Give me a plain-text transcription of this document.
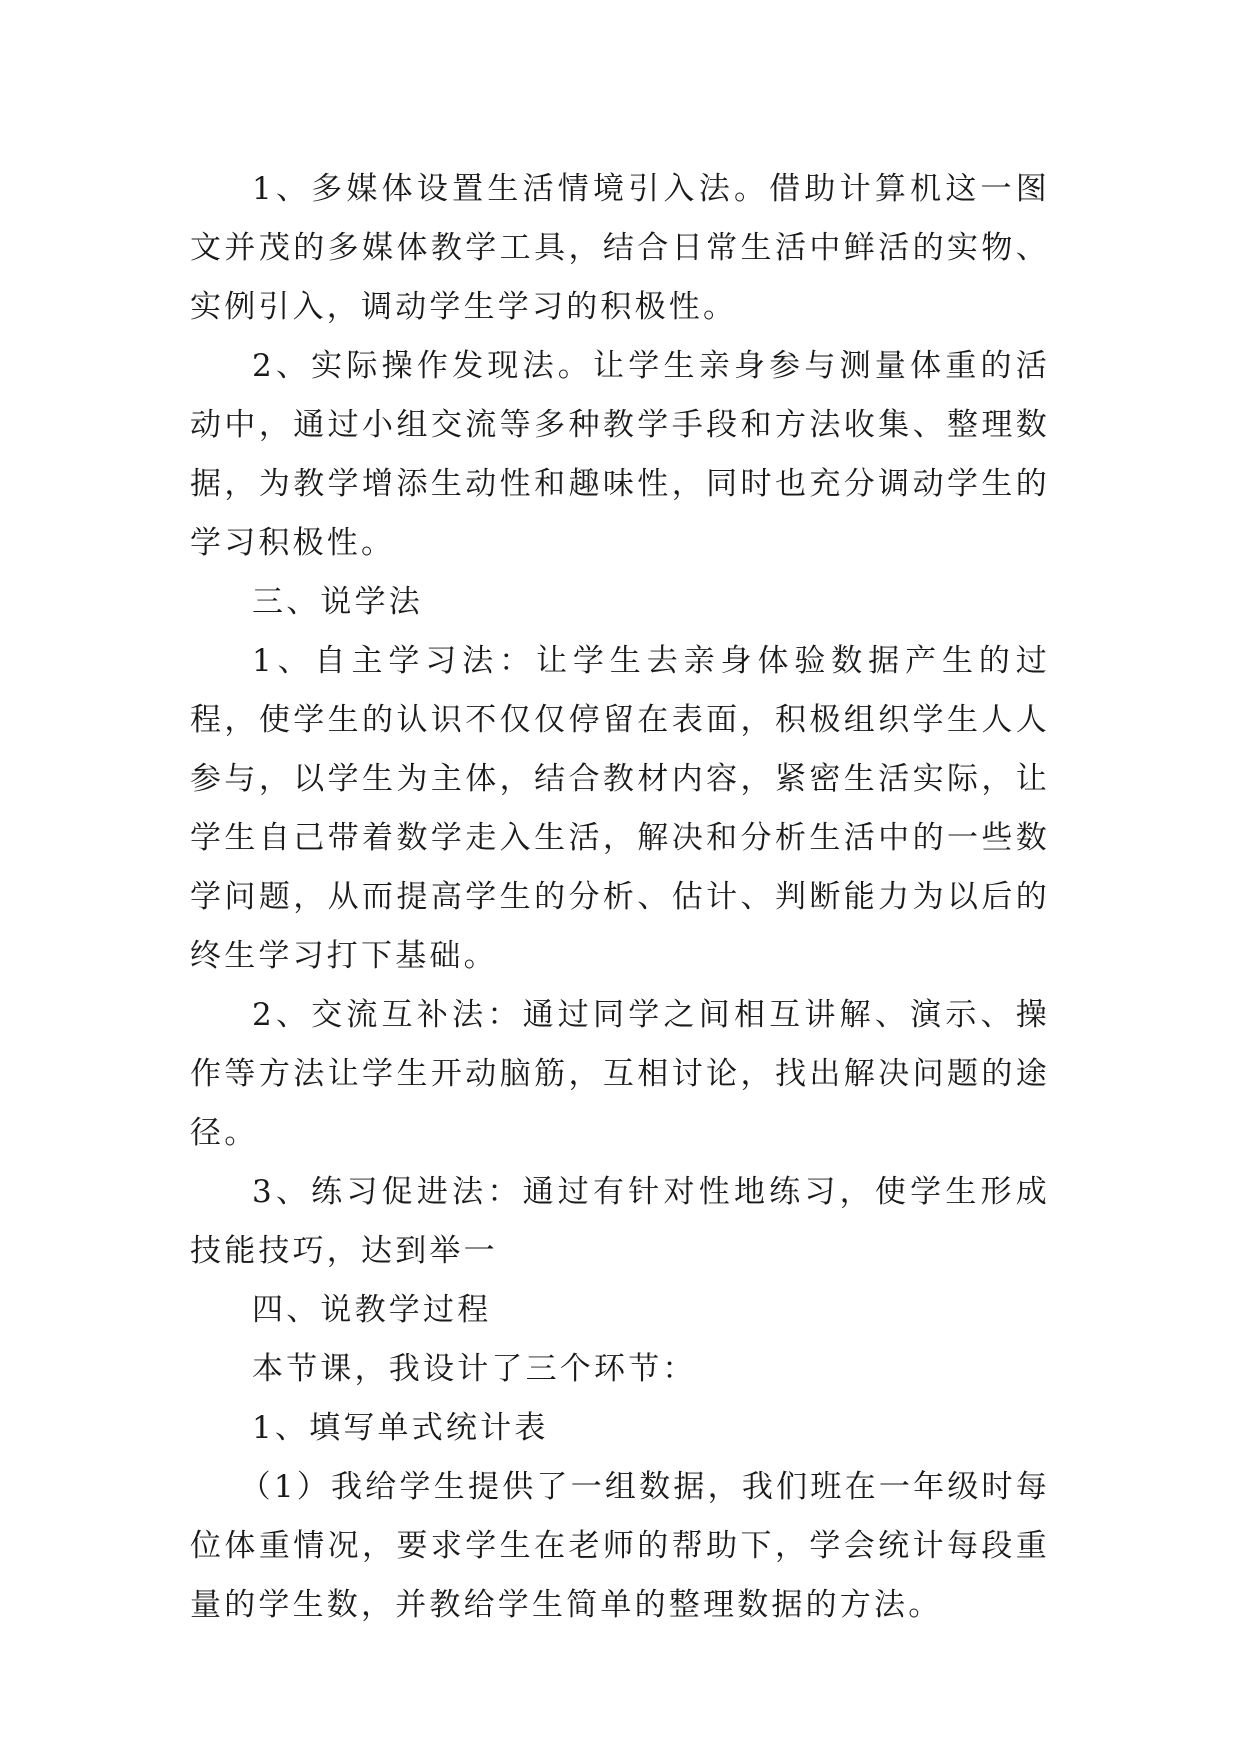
1、多媒体设置生活情境引入法。借助计算机这一图文并茂的多媒体教学工具，结合日常生活中鲜活的实物、实例引入，调动学生学习的积极性。

2、实际操作发现法。让学生亲身参与测量体重的活动中，通过小组交流等多种教学手段和方法收集、整理数据，为教学增添生动性和趣味性，同时也充分调动学生的学习积极性。

三、说学法

1、自主学习法：让学生去亲身体验数据产生的过程，使学生的认识不仅仅停留在表面，积极组织学生人人参与，以学生为主体，结合教材内容，紧密生活实际，让学生自己带着数学走入生活，解决和分析生活中的一些数学问题，从而提高学生的分析、估计、判断能力为以后的终生学习打下基础。

2、交流互补法：通过同学之间相互讲解、演示、操作等方法让学生开动脑筋，互相讨论，找出解决问题的途径。

3、练习促进法：通过有针对性地练习，使学生形成技能技巧，达到举一

四、说教学过程

本节课，我设计了三个环节：

1、填写单式统计表

（1）我给学生提供了一组数据，我们班在一年级时每位体重情况，要求学生在老师的帮助下，学会统计每段重量的学生数，并教给学生简单的整理数据的方法。
